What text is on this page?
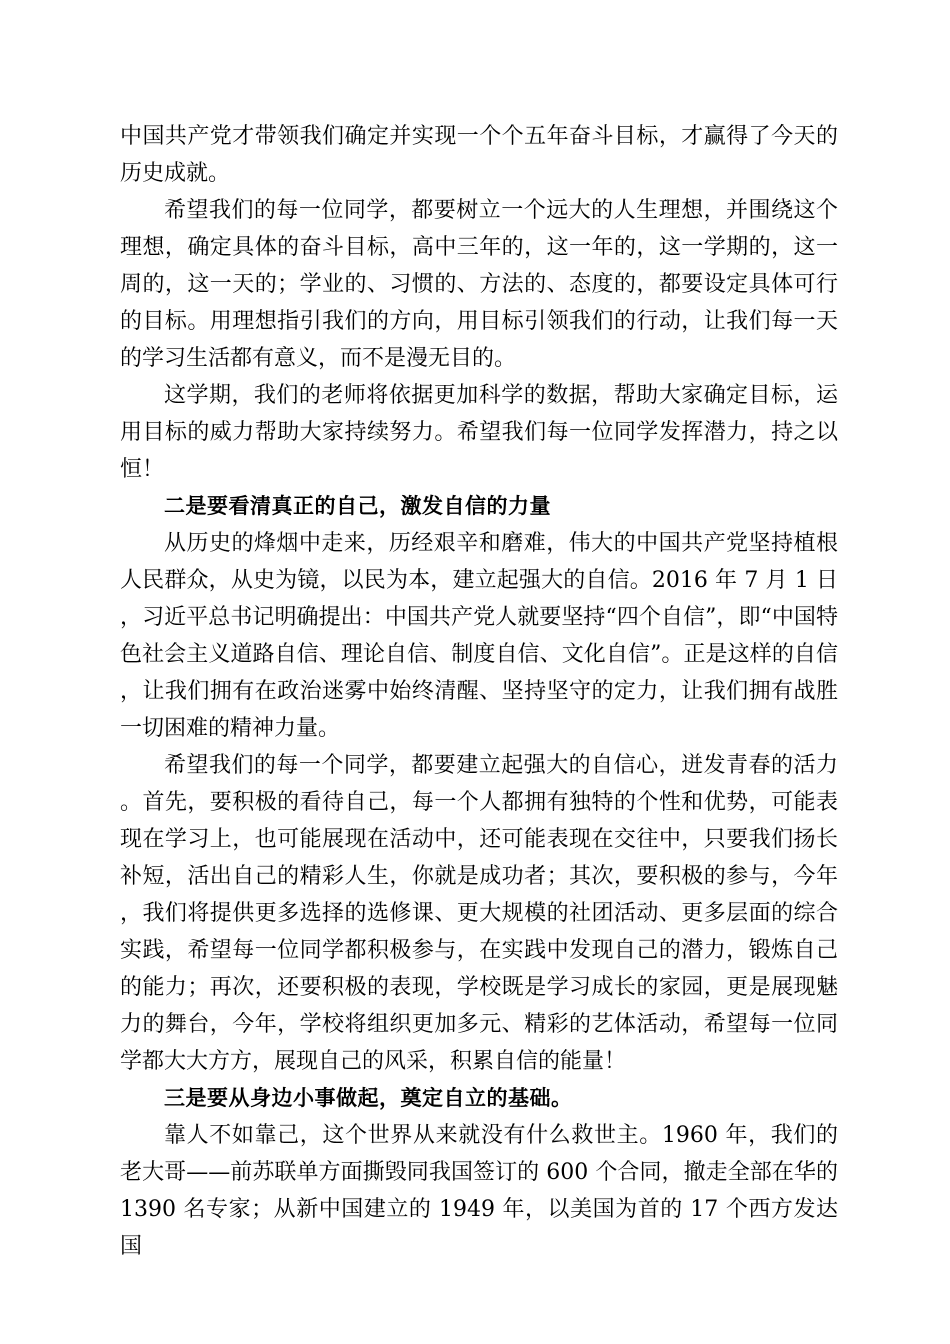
中国共产党才带领我们确定并实现一个个五年奋斗目标，才赢得了今天的历史成就。

希望我们的每一位同学，都要树立一个远大的人生理想，并围绕这个理想，确定具体的奋斗目标，高中三年的，这一年的，这一学期的，这一周的，这一天的；学业的、习惯的、方法的、态度的，都要设定具体可行的目标。用理想指引我们的方向，用目标引领我们的行动，让我们每一天的学习生活都有意义，而不是漫无目的。

这学期，我们的老师将依据更加科学的数据，帮助大家确定目标，运用目标的威力帮助大家持续努力。希望我们每一位同学发挥潜力，持之以恒！

二是要看清真正的自己，激发自信的力量

从历史的烽烟中走来，历经艰辛和磨难，伟大的中国共产党坚持植根人民群众，从史为镜，以民为本，建立起强大的自信。2016 年 7 月 1 日，习近平总书记明确提出：中国共产党人就要坚持“四个自信”，即“中国特色社会主义道路自信、理论自信、制度自信、文化自信”。正是这样的自信，让我们拥有在政治迷雾中始终清醒、坚持坚守的定力，让我们拥有战胜一切困难的精神力量。

希望我们的每一个同学，都要建立起强大的自信心，迸发青春的活力。首先，要积极的看待自己，每一个人都拥有独特的个性和优势，可能表现在学习上，也可能展现在活动中，还可能表现在交往中，只要我们扬长补短，活出自己的精彩人生，你就是成功者；其次，要积极的参与，今年，我们将提供更多选择的选修课、更大规模的社团活动、更多层面的综合实践，希望每一位同学都积极参与，在实践中发现自己的潜力，锻炼自己的能力；再次，还要积极的表现，学校既是学习成长的家园，更是展现魅力的舞台，今年，学校将组织更加多元、精彩的艺体活动，希望每一位同学都大大方方，展现自己的风采，积累自信的能量！

三是要从身边小事做起，奠定自立的基础。

靠人不如靠己，这个世界从来就没有什么救世主。1960 年，我们的老大哥——前苏联单方面撕毁同我国签订的 600 个合同，撤走全部在华的 1390 名专家；从新中国建立的 1949 年，以美国为首的 17 个西方发达国
